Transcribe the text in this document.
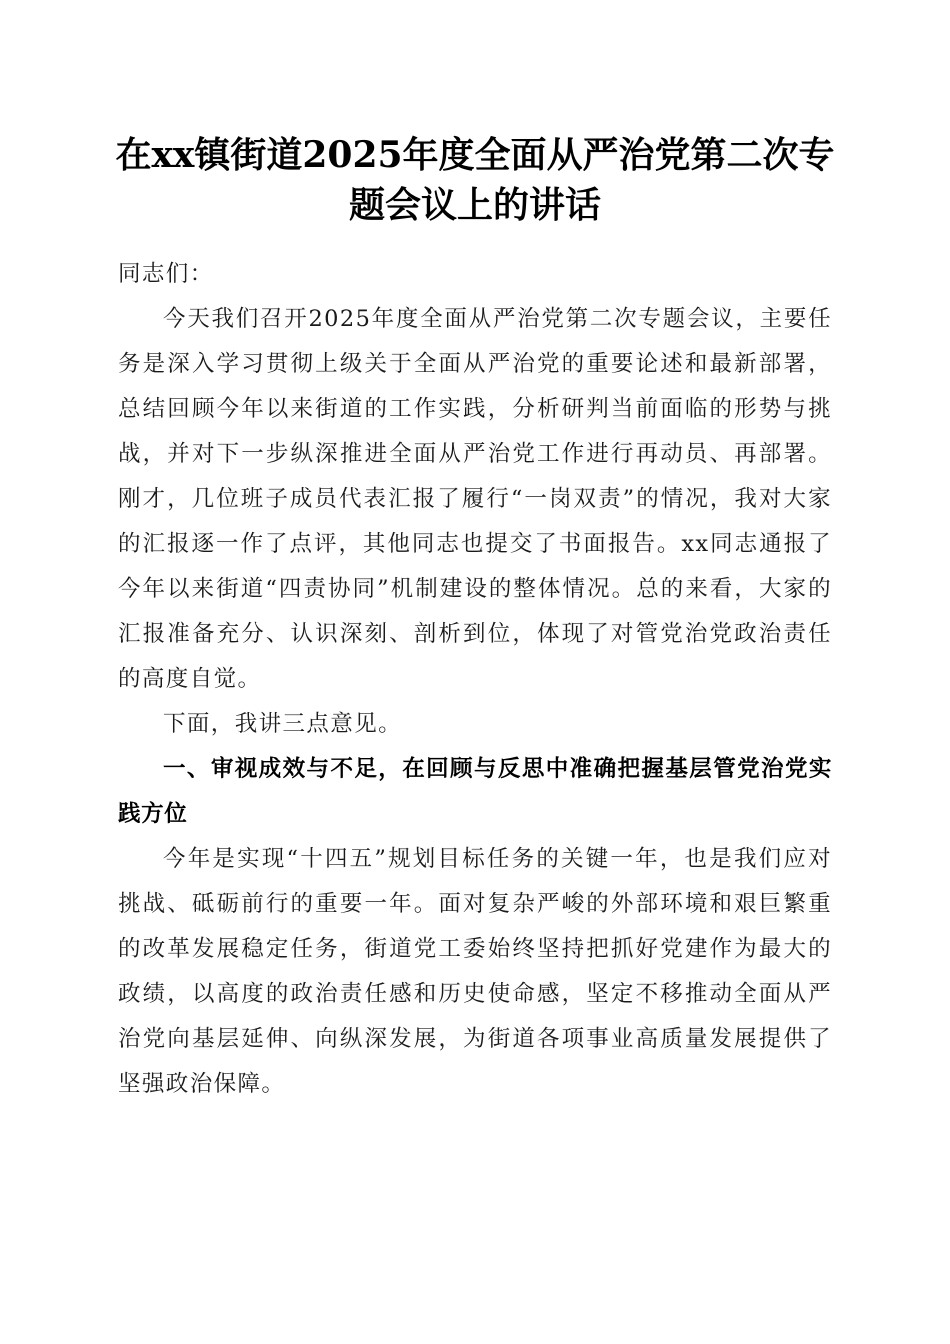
在xx镇街道2025年度全面从严治党第二次专题会议上的讲话

同志们：

今天我们召开2025年度全面从严治党第二次专题会议，主要任务是深入学习贯彻上级关于全面从严治党的重要论述和最新部署，总结回顾今年以来街道的工作实践，分析研判当前面临的形势与挑战，并对下一步纵深推进全面从严治党工作进行再动员、再部署。刚才，几位班子成员代表汇报了履行“一岗双责”的情况，我对大家的汇报逐一作了点评，其他同志也提交了书面报告。xx同志通报了今年以来街道“四责协同”机制建设的整体情况。总的来看，大家的汇报准备充分、认识深刻、剖析到位，体现了对管党治党政治责任的高度自觉。

下面，我讲三点意见。

一、审视成效与不足，在回顾与反思中准确把握基层管党治党实践方位

今年是实现“十四五”规划目标任务的关键一年，也是我们应对挑战、砥砺前行的重要一年。面对复杂严峻的外部环境和艰巨繁重的改革发展稳定任务，街道党工委始终坚持把抓好党建作为最大的政绩，以高度的政治责任感和历史使命感，坚定不移推动全面从严治党向基层延伸、向纵深发展，为街道各项事业高质量发展提供了坚强政治保障。
